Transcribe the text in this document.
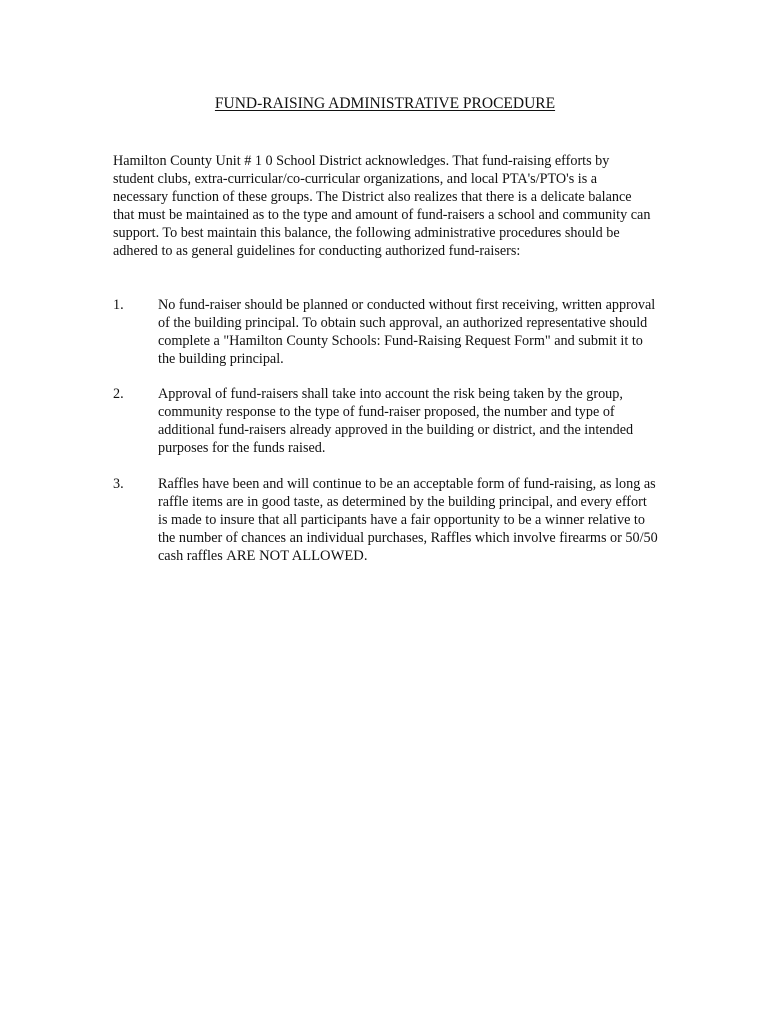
FUND-RAISING ADMINISTRATIVE PROCEDURE

Hamilton County Unit # 1 0 School District acknowledges. That fund-raising efforts by student clubs, extra-curricular/co-curricular organizations, and local PTA's/PTO's is a necessary function of these groups. The District also realizes that there is a delicate balance that must be maintained as to the type and amount of fund-raisers a school and community can support. To best maintain this balance, the following administrative procedures should be adhered to as general guidelines for conducting authorized fund-raisers:

1.	No fund-raiser should be planned or conducted without first receiving, written approval of the building principal. To obtain such approval, an authorized representative should complete a "Hamilton County Schools: Fund-Raising Request Form" and submit it to the building principal.
2.	Approval of fund-raisers shall take into account the risk being taken by the group, community response to the type of fund-raiser proposed, the number and type of additional fund-raisers already approved in the building or district, and the intended purposes for the funds raised.
3.	Raffles have been and will continue to be an acceptable form of fund-raising, as long as raffle items are in good taste, as determined by the building principal, and every effort is made to insure that all participants have a fair opportunity to be a winner relative to the number of chances an individual purchases, Raffles which involve firearms or 50/50 cash raffles ARE NOT ALLOWED.
